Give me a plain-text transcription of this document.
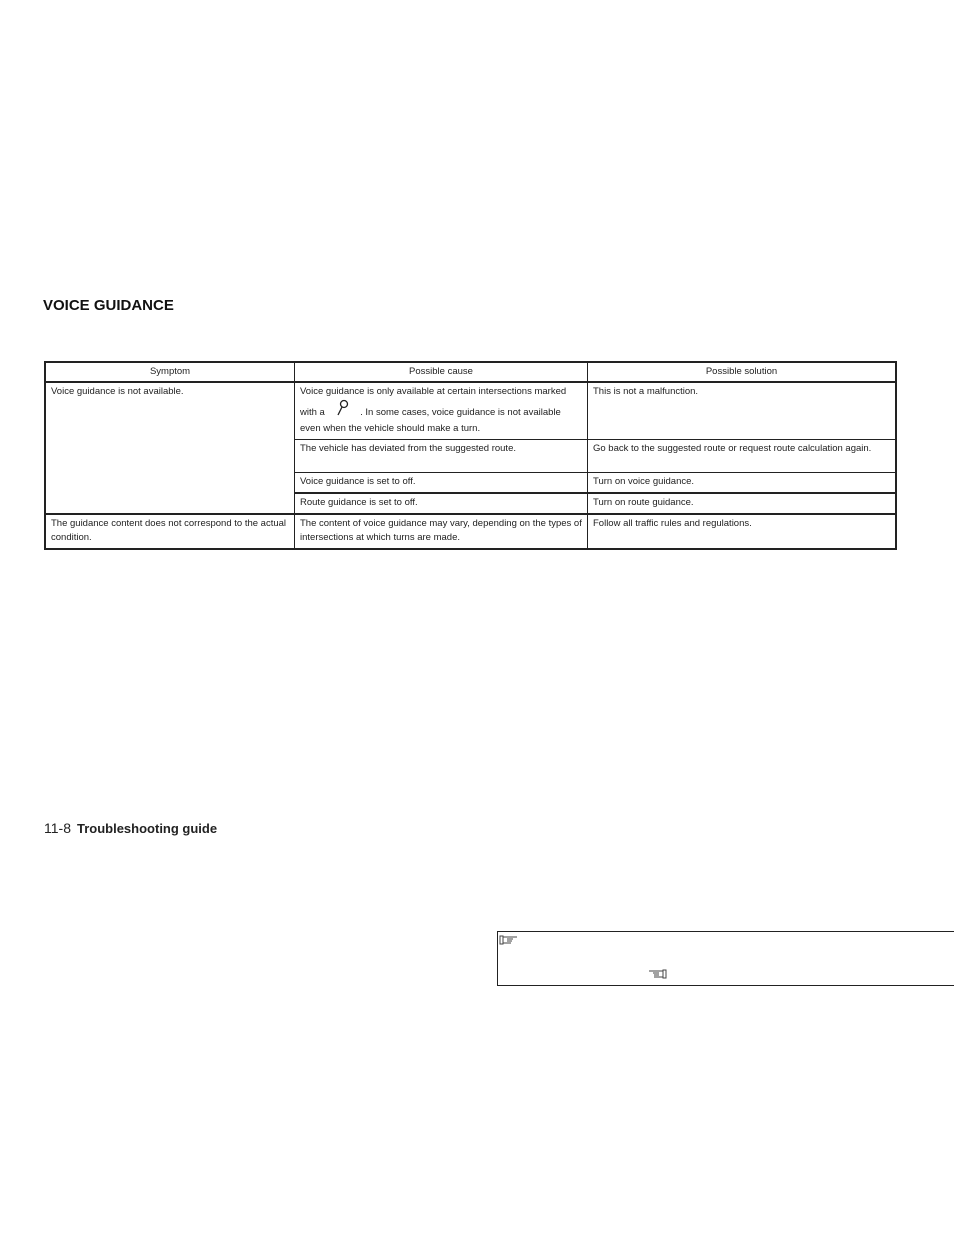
VOICE GUIDANCE
Symptom	Possible cause	Possible solution
Voice guidance is not available.	Voice guidance is only available at certain intersections marked with a . In some cases, voice guidance is not available even when the vehicle should make a turn.	This is not a malfunction.
	The vehicle has deviated from the suggested route.	Go back to the suggested route or request route calculation again.
	Voice guidance is set to off.	Turn on voice guidance.
	Route guidance is set to off.	Turn on route guidance.
The guidance content does not correspond to the actual condition.	The content of voice guidance may vary, depending on the types of intersections at which turns are made.	Follow all traffic rules and regulations.
11-8 Troubleshooting guide
